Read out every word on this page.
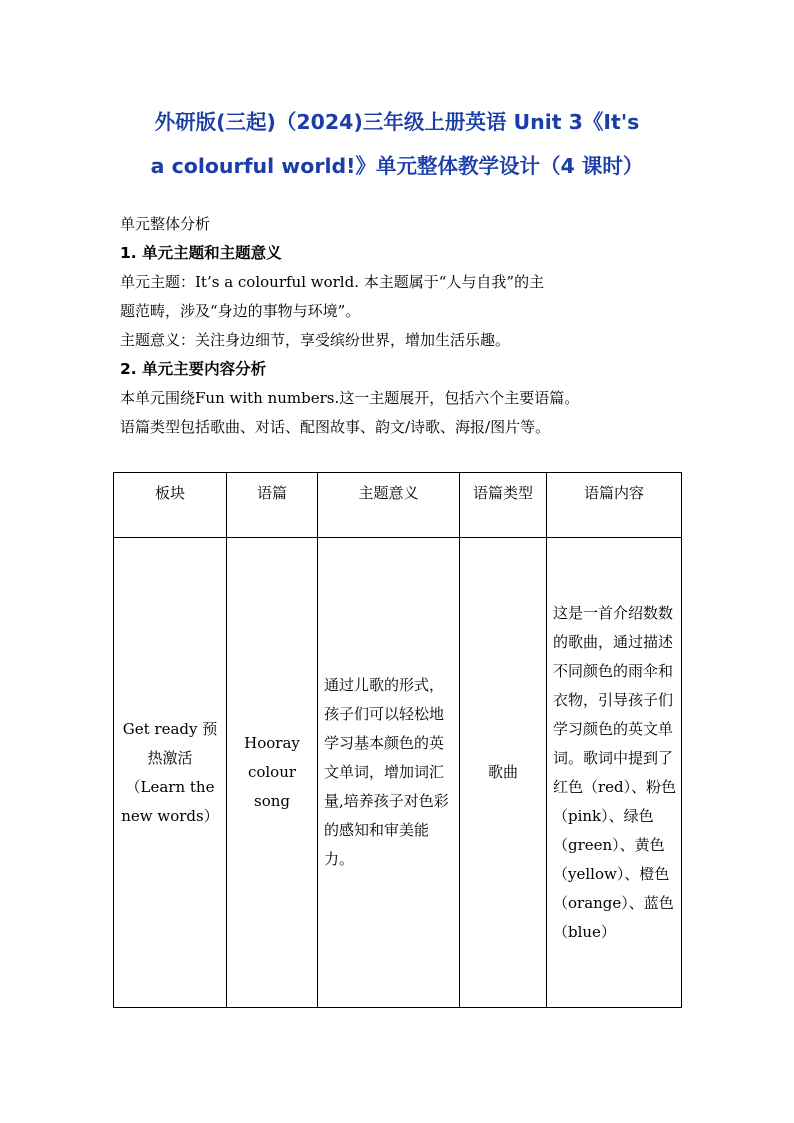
外研版(三起)（2024)三年级上册英语 Unit 3《It's
a colourful world!》单元整体教学设计（4 课时）

单元整体分析

1. 单元主题和主题意义

单元主题：It’s a colourful world. 本主题属于“人与自我”的主

题范畴，涉及“身边的事物与环境”。

主题意义：关注身边细节，享受缤纷世界，增加生活乐趣。

2. 单元主要内容分析

本单元围绕Fun with numbers.这一主题展开，包括六个主要语篇。

语篇类型包括歌曲、对话、配图故事、韵文/诗歌、海报/图片等。

板块	语篇	主题意义	语篇类型	语篇内容
Get ready 预热激活（Learn the new words）	Hooray colour song	通过儿歌的形式，孩子们可以轻松地学习基本颜色的英文单词，增加词汇量,培养孩子对色彩的感知和审美能力。	歌曲	这是一首介绍数数的歌曲，通过描述不同颜色的雨伞和衣物，引导孩子们学习颜色的英文单词。歌词中提到了红色（red）、粉色（pink）、绿色（green）、黄色（yellow）、橙色（orange）、蓝色（blue）
